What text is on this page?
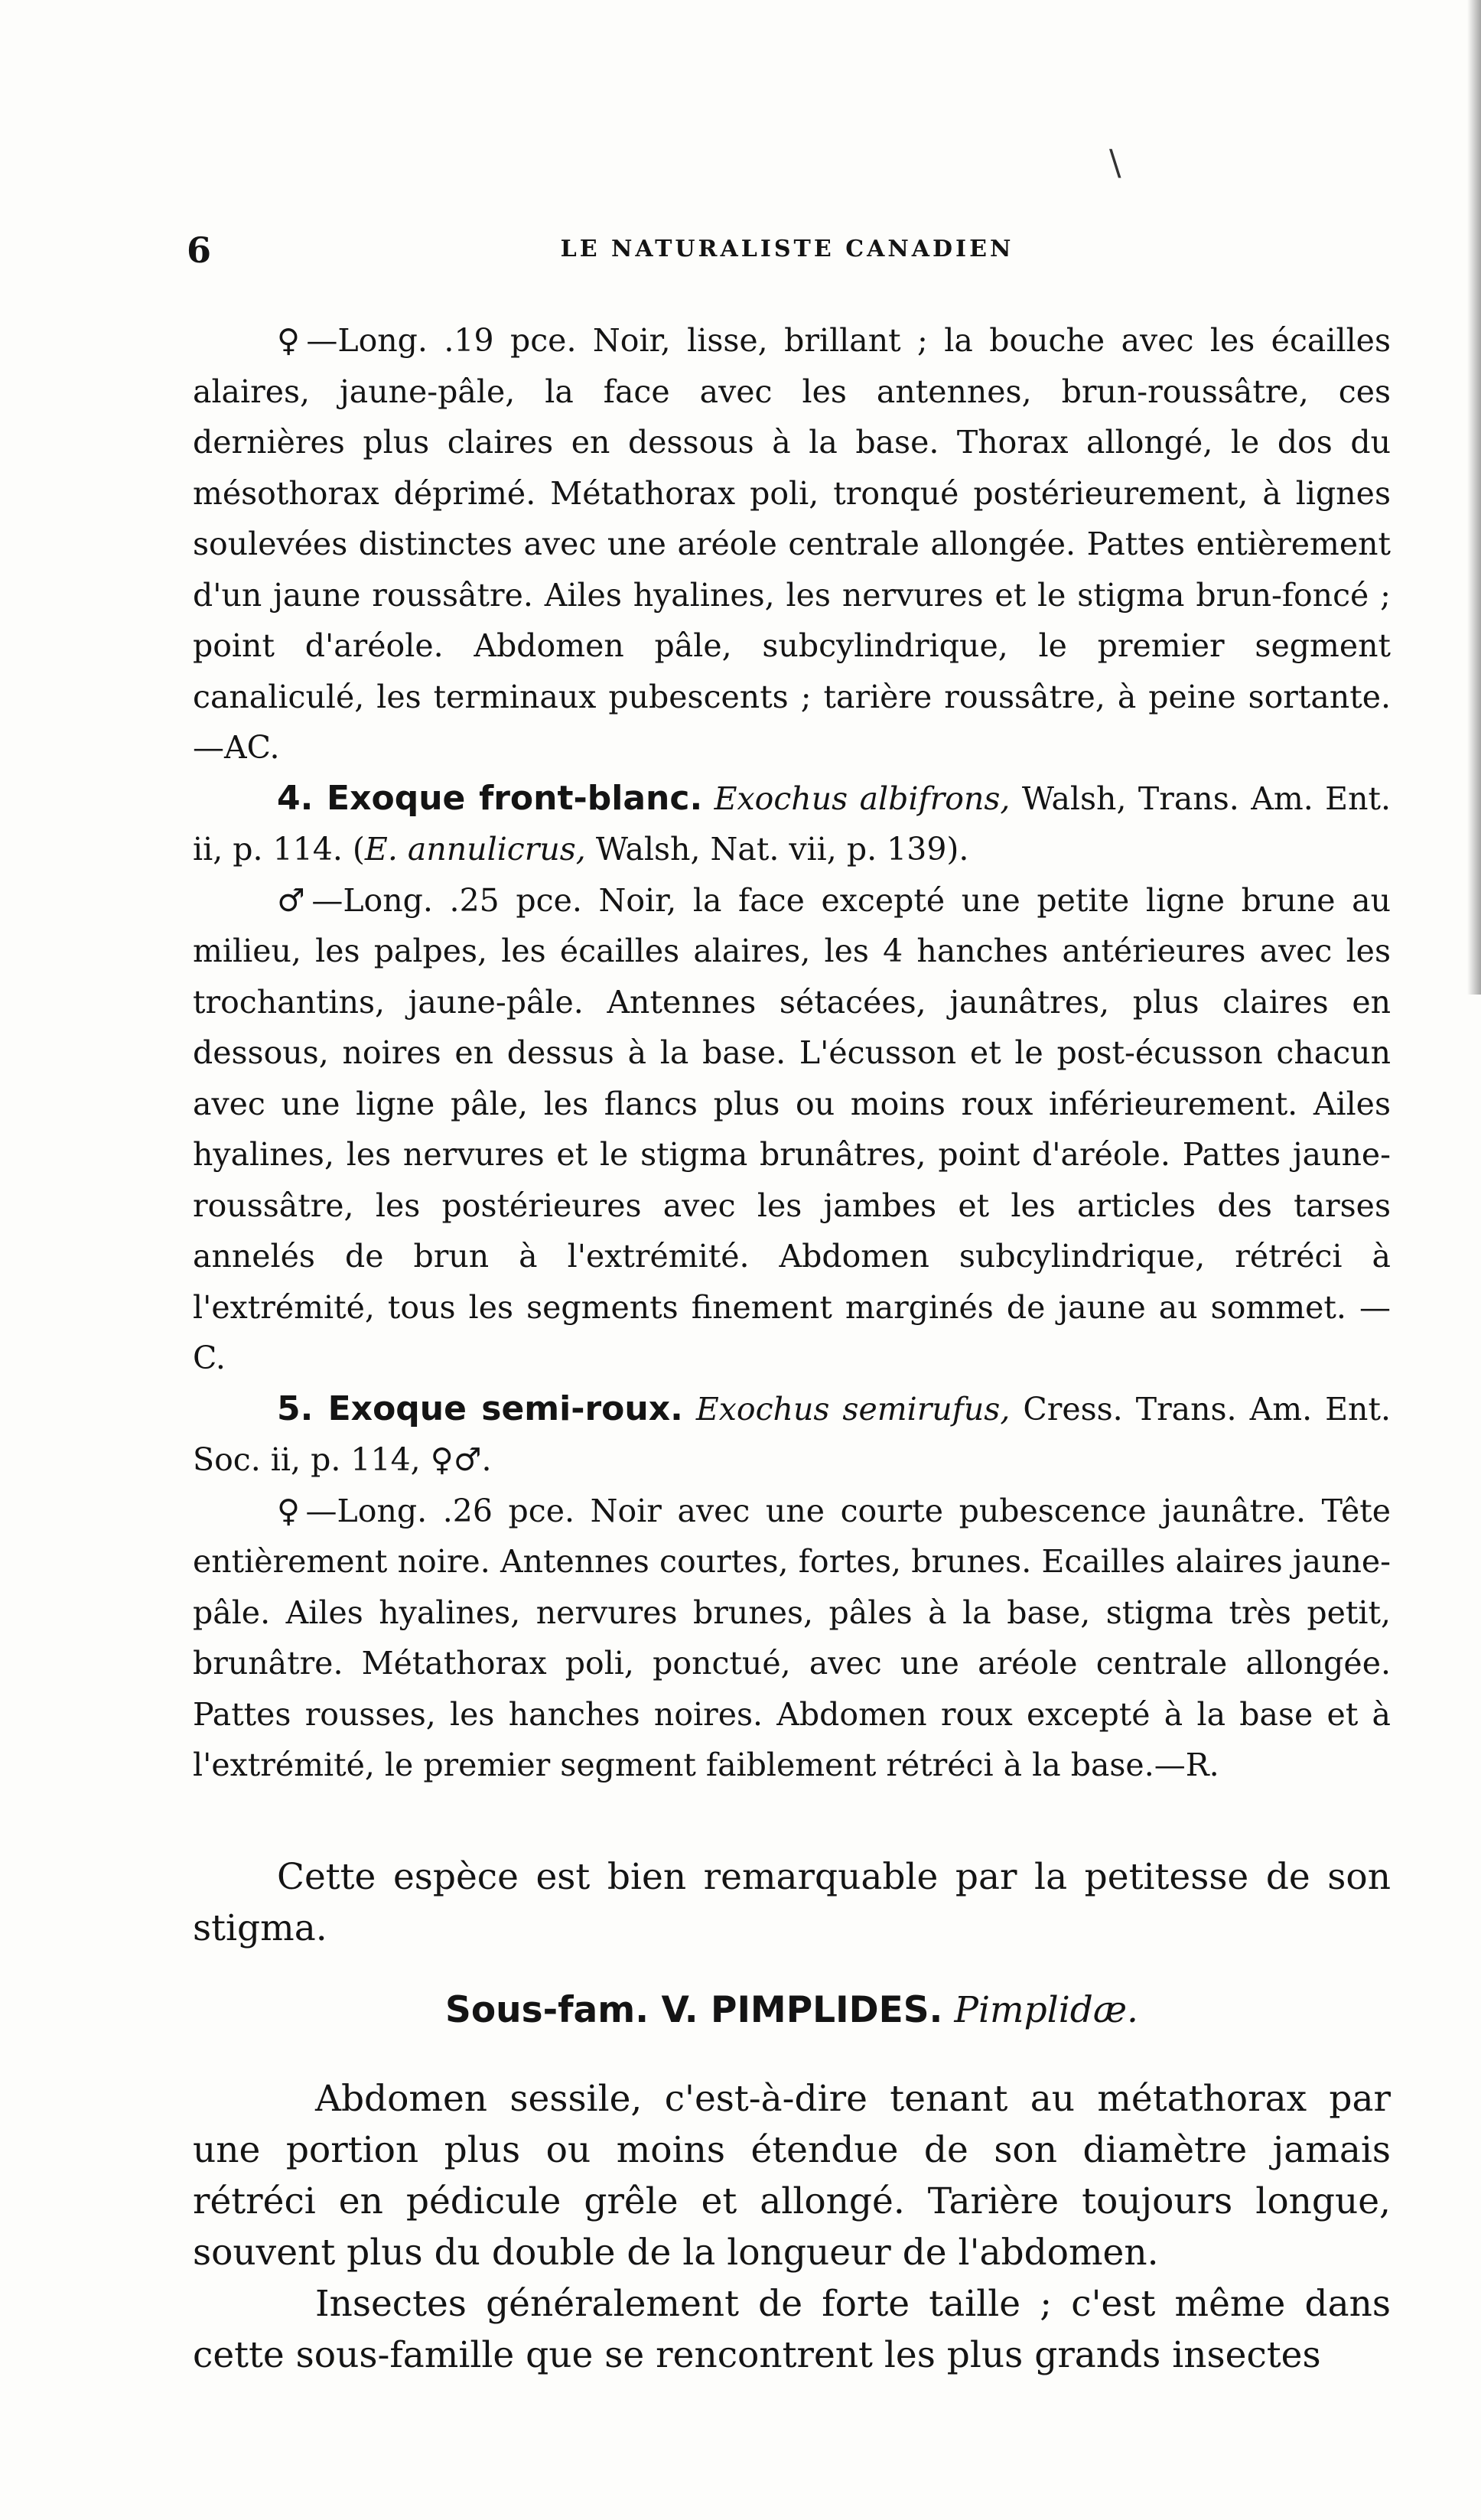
\
6	LE NATURALISTE CANADIEN

♀—Long. .19 pce. Noir, lisse, brillant ; la bouche avec les écailles alaires, jaune-pâle, la face avec les antennes, brun-roussâtre, ces dernières plus claires en dessous à la base. Thorax allongé, le dos du mésothorax déprimé. Métathorax poli, tronqué postérieurement, à lignes soulevées distinctes avec une aréole centrale allongée. Pattes entièrement d'un jaune roussâtre. Ailes hyalines, les nervures et le stigma brun-foncé ; point d'aréole. Abdomen pâle, subcylindrique, le premier segment canaliculé, les terminaux pubescents ; tarière roussâtre, à peine sortante.—AC.

4. Exoque front-blanc. Exochus albifrons, Walsh, Trans. Am. Ent. ii, p. 114. (E. annulicrus, Walsh, Nat. vii, p. 139).

♂—Long. .25 pce. Noir, la face excepté une petite ligne brune au milieu, les palpes, les écailles alaires, les 4 hanches antérieures avec les trochantins, jaune-pâle. Antennes sétacées, jaunâtres, plus claires en dessous, noires en dessus à la base. L'écusson et le post-écusson chacun avec une ligne pâle, les flancs plus ou moins roux inférieurement. Ailes hyalines, les nervures et le stigma brunâtres, point d'aréole. Pattes jaune-roussâtre, les postérieures avec les jambes et les articles des tarses annelés de brun à l'extrémité. Abdomen subcylindrique, rétréci à l'extrémité, tous les segments finement marginés de jaune au sommet. —C.

5. Exoque semi-roux. Exochus semirufus, Cress. Trans. Am. Ent. Soc. ii, p. 114, ♀♂.

♀—Long. .26 pce. Noir avec une courte pubescence jaunâtre. Tête entièrement noire. Antennes courtes, fortes, brunes. Ecailles alaires jaune-pâle. Ailes hyalines, nervures brunes, pâles à la base, stigma très petit, brunâtre. Métathorax poli, ponctué, avec une aréole centrale allongée. Pattes rousses, les hanches noires. Abdomen roux excepté à la base et à l'extrémité, le premier segment faiblement rétréci à la base.—R.

Cette espèce est bien remarquable par la petitesse de son stigma.

Sous-fam. V. PIMPLIDES. Pimplidæ.

Abdomen sessile, c'est-à-dire tenant au métathorax par une portion plus ou moins étendue de son diamètre jamais rétréci en pédicule grêle et allongé. Tarière toujours longue, souvent plus du double de la longueur de l'abdomen.

Insectes généralement de forte taille ; c'est même dans cette sous-famille que se rencontrent les plus grands insectes
